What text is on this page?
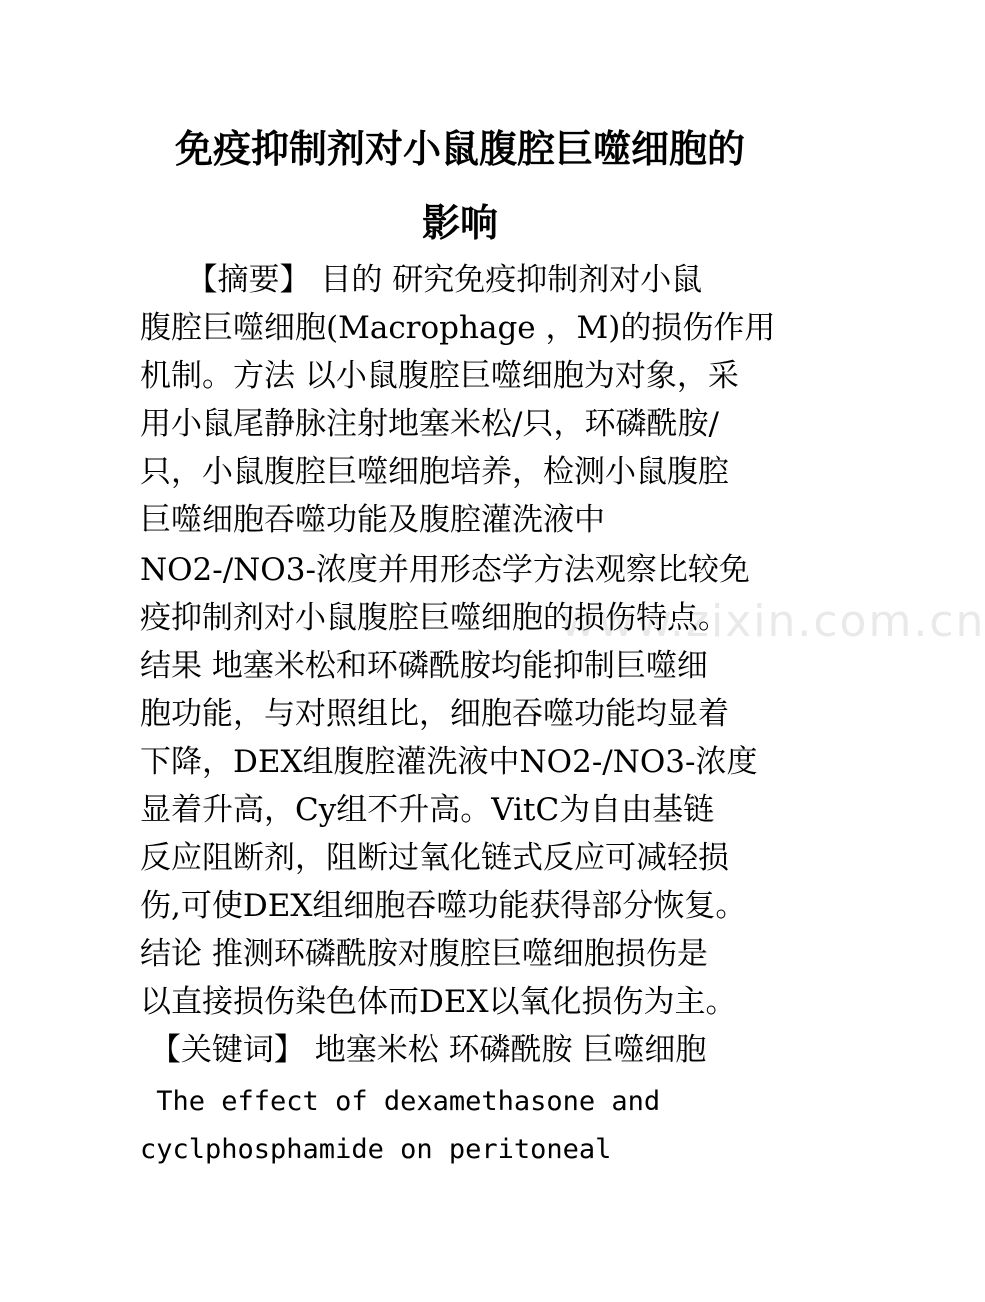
www.zixin.com.cn
免疫抑制剂对小鼠腹腔巨噬细胞的
影响
　　【摘要】 目的 研究免疫抑制剂对小鼠
腹腔巨噬细胞(Macrophage ，M)的损伤作用
机制。方法 以小鼠腹腔巨噬细胞为对象，采
用小鼠尾静脉注射地塞米松/只，环磷酰胺/
只，小鼠腹腔巨噬细胞培养，检测小鼠腹腔
巨噬细胞吞噬功能及腹腔灌洗液中
NO2-/NO3-浓度并用形态学方法观察比较免
疫抑制剂对小鼠腹腔巨噬细胞的损伤特点。
结果 地塞米松和环磷酰胺均能抑制巨噬细
胞功能，与对照组比，细胞吞噬功能均显着
下降，DEX组腹腔灌洗液中NO2-/NO3-浓度
显着升高，Cy组不升高。VitC为自由基链
反应阻断剂，阻断过氧化链式反应可减轻损
伤,可使DEX组细胞吞噬功能获得部分恢复。
结论 推测环磷酰胺对腹腔巨噬细胞损伤是
以直接损伤染色体而DEX以氧化损伤为主。
【关键词】 地塞米松 环磷酰胺 巨噬细胞
The effect of dexamethasone and
cyclphosphamide on peritoneal
